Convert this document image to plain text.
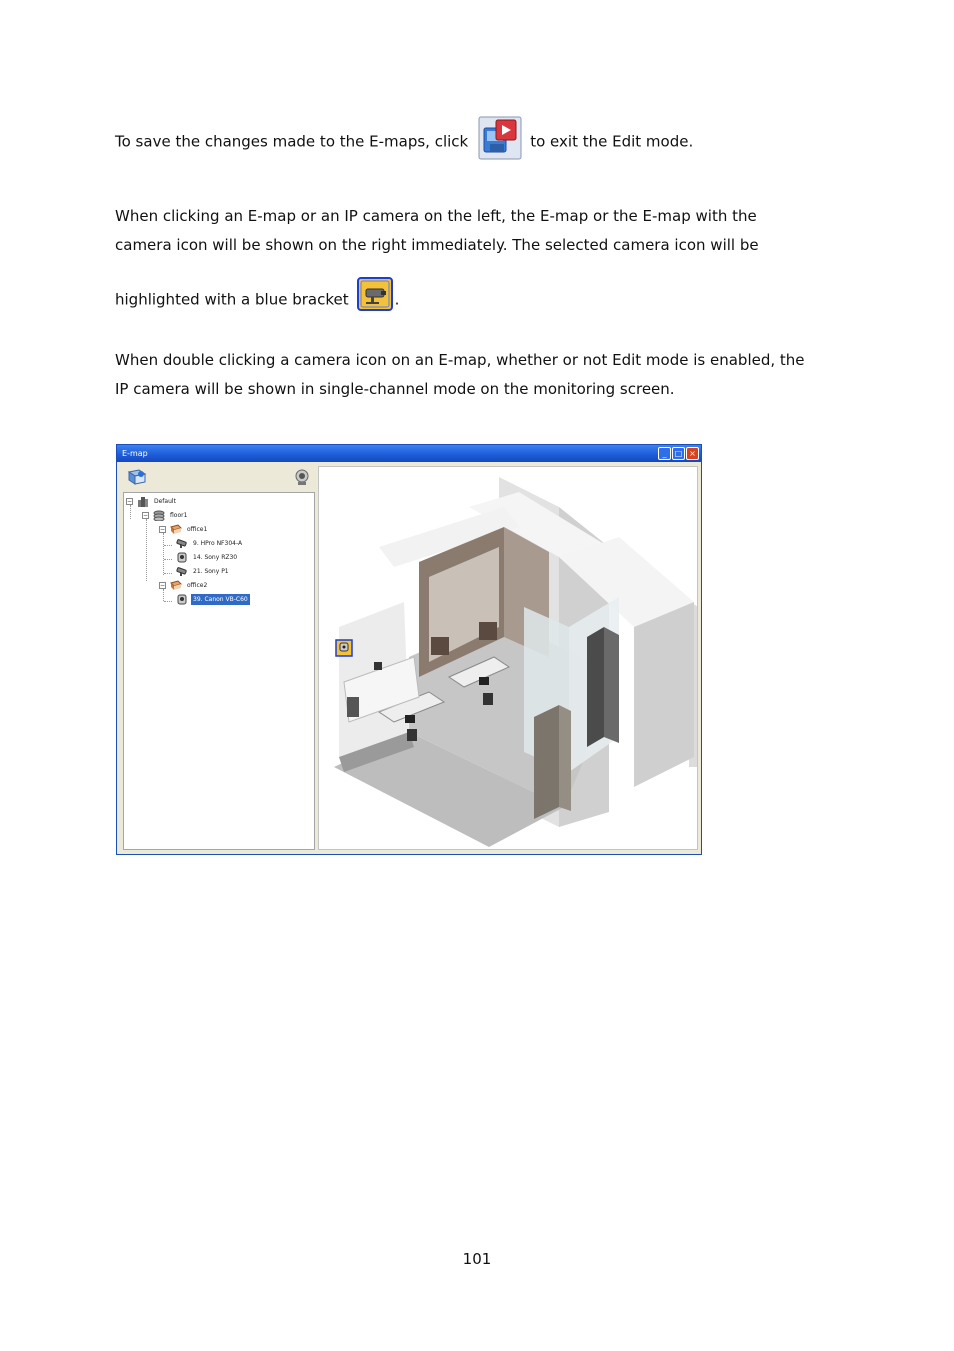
To save the changes made to the E-maps, click	to exit the Edit mode.
When clicking an E-map or an IP camera on the left, the E-map or the E-map with the
camera icon will be shown on the right immediately. The selected camera icon will be
highlighted with a blue bracket	.
When double clicking a camera icon on an E-map, whether or not Edit mode is enabled, the
IP camera will be shown in single-channel mode on the monitoring screen.
E-map	_	□ ×
−	Default
−	floor1
−	office1
9. HPro NF304-A
14. Sony RZ30
21. Sony P1
−	office2
39. Canon VB-C60
101
